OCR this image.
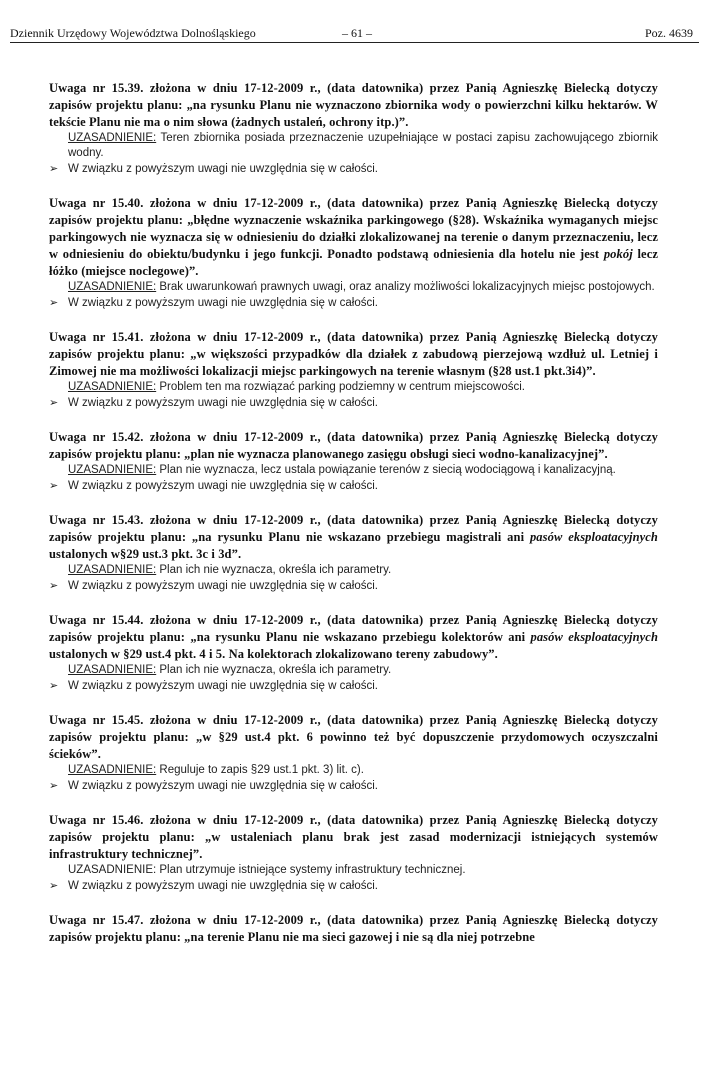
Dziennik Urzędowy Województwa Dolnośląskiego	– 61 –	Poz. 4639

Uwaga nr 15.39. złożona w dniu 17-12-2009 r., (data datownika) przez Panią Agnieszkę Bielecką dotyczy zapisów projektu planu: „na rysunku Planu nie wyznaczono zbiornika wody o powierzchni kilku hektarów. W tekście Planu nie ma o nim słowa (żadnych ustaleń, ochrony itp.)”.

UZASADNIENIE: Teren zbiornika posiada przeznaczenie uzupełniające w postaci zapisu zachowującego zbiornik wodny.
➢ W związku z powyższym uwagi nie uwzględnia się w całości.

Uwaga nr 15.40. złożona w dniu 17-12-2009 r., (data datownika) przez Panią Agnieszkę Bielecką dotyczy zapisów projektu planu: „błędne wyznaczenie wskaźnika parkingowego (§28). Wskaźnika wymaganych miejsc parkingowych nie wyznacza się w odniesieniu do działki zlokalizowanej na terenie o danym przeznaczeniu, lecz w odniesieniu do obiektu/budynku i jego funkcji. Ponadto podstawą odniesienia dla hotelu nie jest pokój lecz łóżko (miejsce noclegowe)”.

UZASADNIENIE: Brak uwarunkowań prawnych uwagi, oraz analizy możliwości lokalizacyjnych miejsc postojowych.
➢ W związku z powyższym uwagi nie uwzględnia się w całości.

Uwaga nr 15.41. złożona w dniu 17-12-2009 r., (data datownika) przez Panią Agnieszkę Bielecką dotyczy zapisów projektu planu: „w większości przypadków dla działek z zabudową pierzejową wzdłuż ul. Letniej i Zimowej nie ma możliwości lokalizacji miejsc parkingowych na terenie własnym (§28 ust.1 pkt.3i4)”.

UZASADNIENIE: Problem ten ma rozwiązać parking podziemny w centrum miejscowości.
➢ W związku z powyższym uwagi nie uwzględnia się w całości.

Uwaga nr 15.42. złożona w dniu 17-12-2009 r., (data datownika) przez Panią Agnieszkę Bielecką dotyczy zapisów projektu planu: „plan nie wyznacza planowanego zasięgu obsługi sieci wodno-kanalizacyjnej”.

UZASADNIENIE: Plan nie wyznacza, lecz ustala powiązanie terenów z siecią wodociągową i kanalizacyjną.
➢ W związku z powyższym uwagi nie uwzględnia się w całości.

Uwaga nr 15.43. złożona w dniu 17-12-2009 r., (data datownika) przez Panią Agnieszkę Bielecką dotyczy zapisów projektu planu: „na rysunku Planu nie wskazano przebiegu magistrali ani pasów eksploatacyjnych ustalonych w§29 ust.3 pkt. 3c i 3d”.

UZASADNIENIE: Plan ich nie wyznacza, określa ich parametry.
➢ W związku z powyższym uwagi nie uwzględnia się w całości.

Uwaga nr 15.44. złożona w dniu 17-12-2009 r., (data datownika) przez Panią Agnieszkę Bielecką dotyczy zapisów projektu planu: „na rysunku Planu nie wskazano przebiegu kolektorów ani pasów eksploatacyjnych ustalonych w §29 ust.4 pkt. 4 i 5. Na kolektorach zlokalizowano tereny zabudowy”.

UZASADNIENIE: Plan ich nie wyznacza, określa ich parametry.
➢ W związku z powyższym uwagi nie uwzględnia się w całości.

Uwaga nr 15.45. złożona w dniu 17-12-2009 r., (data datownika) przez Panią Agnieszkę Bielecką dotyczy zapisów projektu planu: „w §29 ust.4 pkt. 6 powinno też być dopuszczenie przydomowych oczyszczalni ścieków”.

UZASADNIENIE: Reguluje to zapis §29 ust.1 pkt. 3) lit. c).
➢ W związku z powyższym uwagi nie uwzględnia się w całości.

Uwaga nr 15.46. złożona w dniu 17-12-2009 r., (data datownika) przez Panią Agnieszkę Bielecką dotyczy zapisów projektu planu: „w ustaleniach planu brak jest zasad modernizacji istniejących systemów infrastruktury technicznej”.

UZASADNIENIE: Plan utrzymuje istniejące systemy infrastruktury technicznej.
➢ W związku z powyższym uwagi nie uwzględnia się w całości.

Uwaga nr 15.47. złożona w dniu 17-12-2009 r., (data datownika) przez Panią Agnieszkę Bielecką dotyczy zapisów projektu planu: „na terenie Planu nie ma sieci gazowej i nie są dla niej potrzebne
